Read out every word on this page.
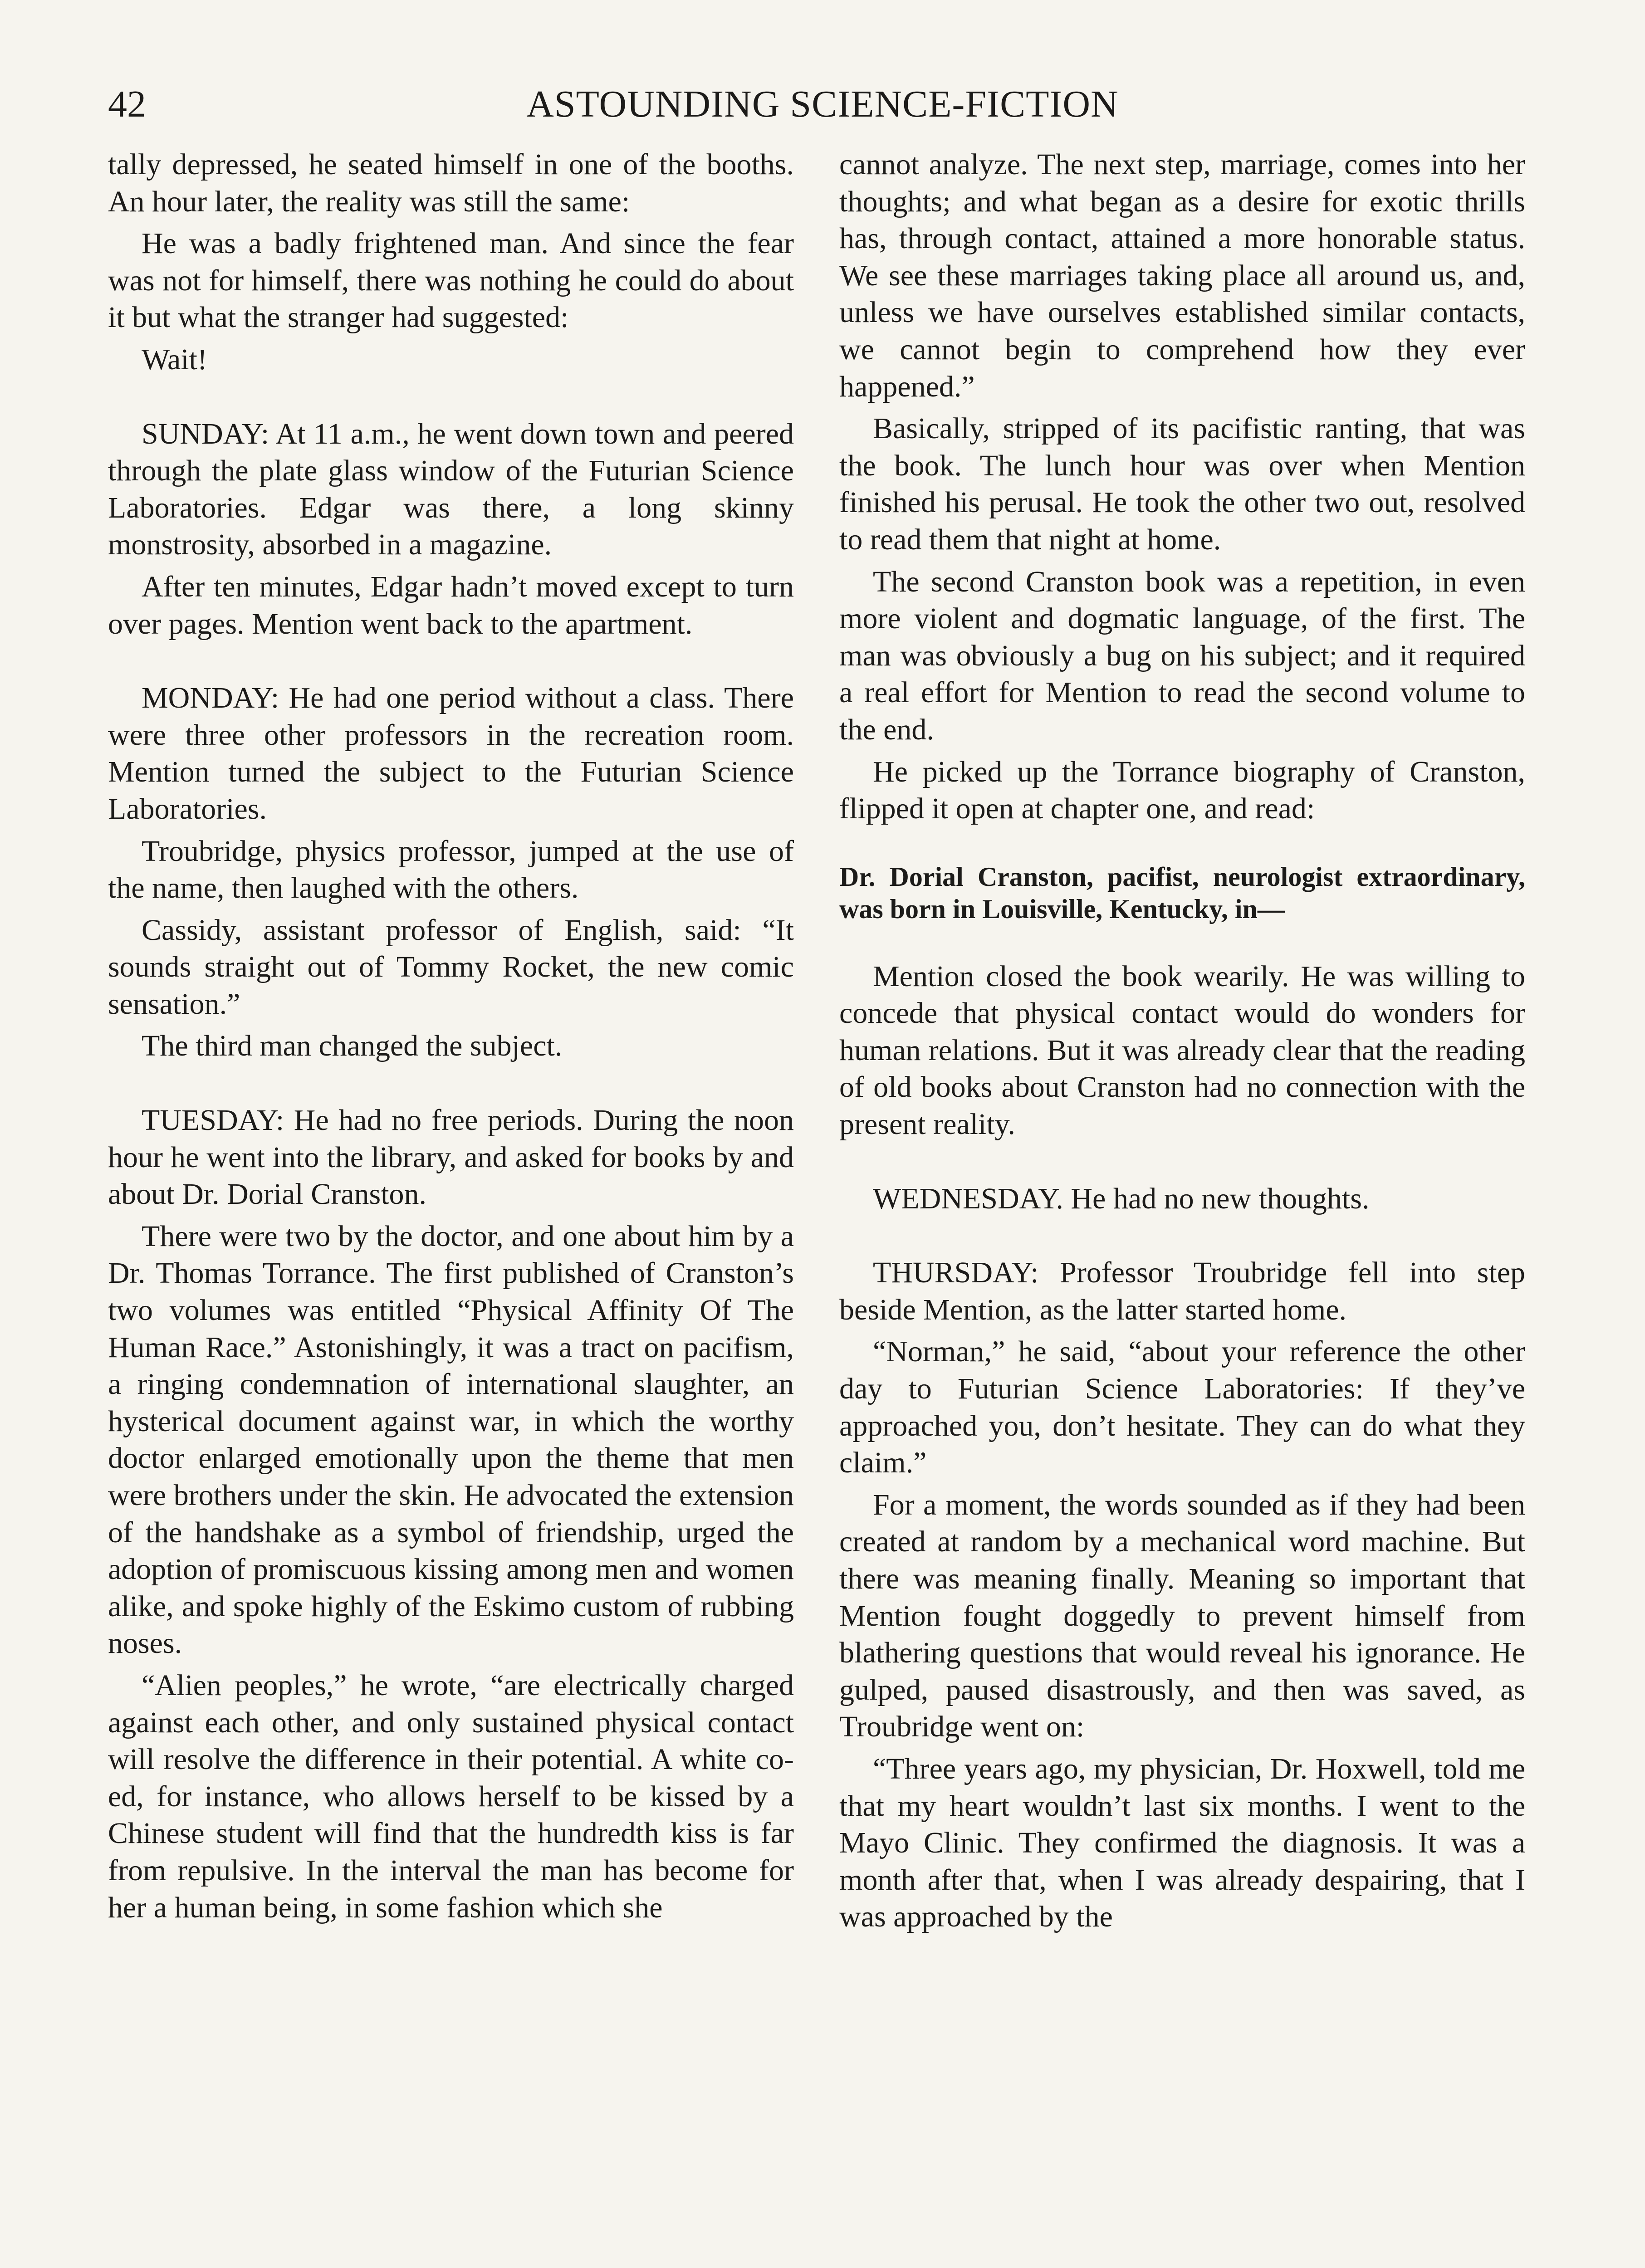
42	ASTOUNDING SCIENCE-FICTION

tally depressed, he seated himself in one of the booths. An hour later, the reality was still the same:

He was a badly frightened man. And since the fear was not for himself, there was nothing he could do about it but what the stranger had suggested:

Wait!

SUNDAY: At 11 a.m., he went down town and peered through the plate glass window of the Futurian Science Laboratories. Edgar was there, a long skinny monstrosity, absorbed in a magazine.

After ten minutes, Edgar hadn’t moved except to turn over pages. Mention went back to the apartment.

MONDAY: He had one period without a class. There were three other professors in the recreation room. Mention turned the subject to the Futurian Science Laboratories.

Troubridge, physics professor, jumped at the use of the name, then laughed with the others.

Cassidy, assistant professor of English, said: “It sounds straight out of Tommy Rocket, the new comic sensation.”

The third man changed the subject.

TUESDAY: He had no free periods. During the noon hour he went into the library, and asked for books by and about Dr. Dorial Cranston.

There were two by the doctor, and one about him by a Dr. Thomas Torrance. The first published of Cranston’s two volumes was entitled “Physical Affinity Of The Human Race.” Astonishingly, it was a tract on pacifism, a ringing condemnation of international slaughter, an hysterical document against war, in which the worthy doctor enlarged emotionally upon the theme that men were brothers under the skin. He advocated the extension of the handshake as a symbol of friendship, urged the adoption of promiscuous kissing among men and women alike, and spoke highly of the Eskimo custom of rubbing noses.

“Alien peoples,” he wrote, “are electrically charged against each other, and only sustained physical contact will resolve the difference in their potential. A white co-ed, for instance, who allows herself to be kissed by a Chinese student will find that the hundredth kiss is far from repulsive. In the interval the man has become for her a human being, in some fashion which she

cannot analyze. The next step, marriage, comes into her thoughts; and what began as a desire for exotic thrills has, through contact, attained a more honorable status. We see these marriages taking place all around us, and, unless we have ourselves established similar contacts, we cannot begin to comprehend how they ever happened.”

Basically, stripped of its pacifistic ranting, that was the book. The lunch hour was over when Mention finished his perusal. He took the other two out, resolved to read them that night at home.

The second Cranston book was a repetition, in even more violent and dogmatic language, of the first. The man was obviously a bug on his subject; and it required a real effort for Mention to read the second volume to the end.

He picked up the Torrance biography of Cranston, flipped it open at chapter one, and read:

Dr. Dorial Cranston, pacifist, neurologist extraordinary, was born in Louisville, Kentucky, in—

Mention closed the book wearily. He was willing to concede that physical contact would do wonders for human relations. But it was already clear that the reading of old books about Cranston had no connection with the present reality.

WEDNESDAY. He had no new thoughts.

THURSDAY: Professor Troubridge fell into step beside Mention, as the latter started home.

“Norman,” he said, “about your reference the other day to Futurian Science Laboratories: If they’ve approached you, don’t hesitate. They can do what they claim.”

For a moment, the words sounded as if they had been created at random by a mechanical word machine. But there was meaning finally. Meaning so important that Mention fought doggedly to prevent himself from blathering questions that would reveal his ignorance. He gulped, paused disastrously, and then was saved, as Troubridge went on:

“Three years ago, my physician, Dr. Hoxwell, told me that my heart wouldn’t last six months. I went to the Mayo Clinic. They confirmed the diagnosis. It was a month after that, when I was already despairing, that I was approached by the
